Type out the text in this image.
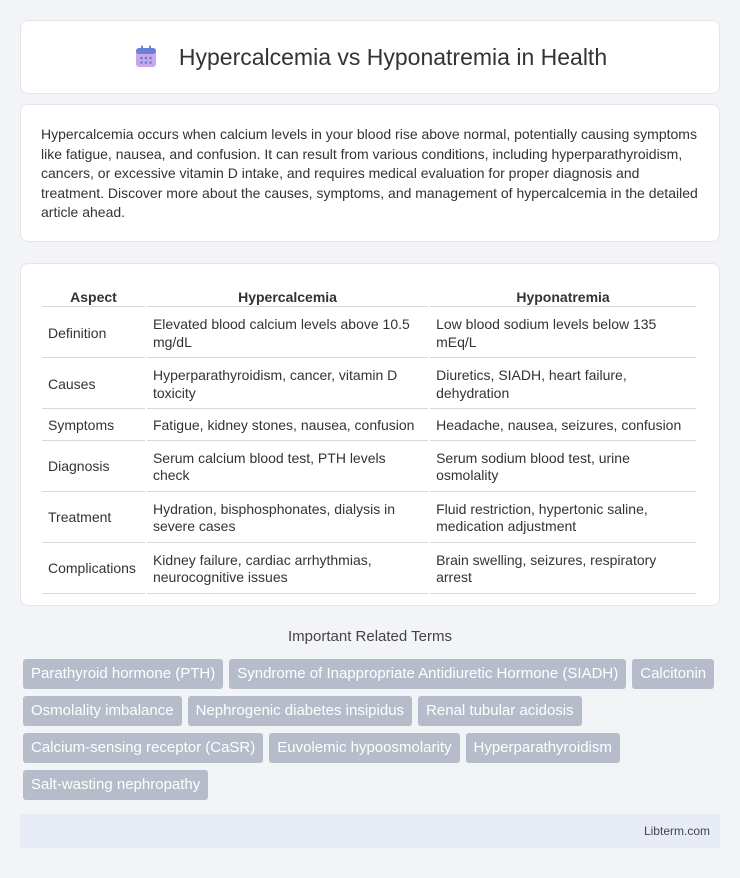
Hypercalcemia vs Hyponatremia in Health

Hypercalcemia occurs when calcium levels in your blood rise above normal, potentially causing symptoms like fatigue, nausea, and confusion. It can result from various conditions, including hyperparathyroidism, cancers, or excessive vitamin D intake, and requires medical evaluation for proper diagnosis and treatment. Discover more about the causes, symptoms, and management of hypercalcemia in the detailed article ahead.

Aspect	Hypercalcemia	Hyponatremia
Definition	Elevated blood calcium levels above 10.5 mg/dL	Low blood sodium levels below 135 mEq/L
Causes	Hyperparathyroidism, cancer, vitamin D toxicity	Diuretics, SIADH, heart failure, dehydration
Symptoms	Fatigue, kidney stones, nausea, confusion	Headache, nausea, seizures, confusion
Diagnosis	Serum calcium blood test, PTH levels check	Serum sodium blood test, urine osmolality
Treatment	Hydration, bisphosphonates, dialysis in severe cases	Fluid restriction, hypertonic saline, medication adjustment
Complications	Kidney failure, cardiac arrhythmias, neurocognitive issues	Brain swelling, seizures, respiratory arrest
Important Related Terms
Parathyroid hormone (PTH)	Syndrome of Inappropriate Antidiuretic Hormone (SIADH)	Calcitonin
Osmolality imbalance	Nephrogenic diabetes insipidus	Renal tubular acidosis
Calcium-sensing receptor (CaSR)	Euvolemic hypoosmolarity	Hyperparathyroidism
Salt-wasting nephropathy
Libterm.com
